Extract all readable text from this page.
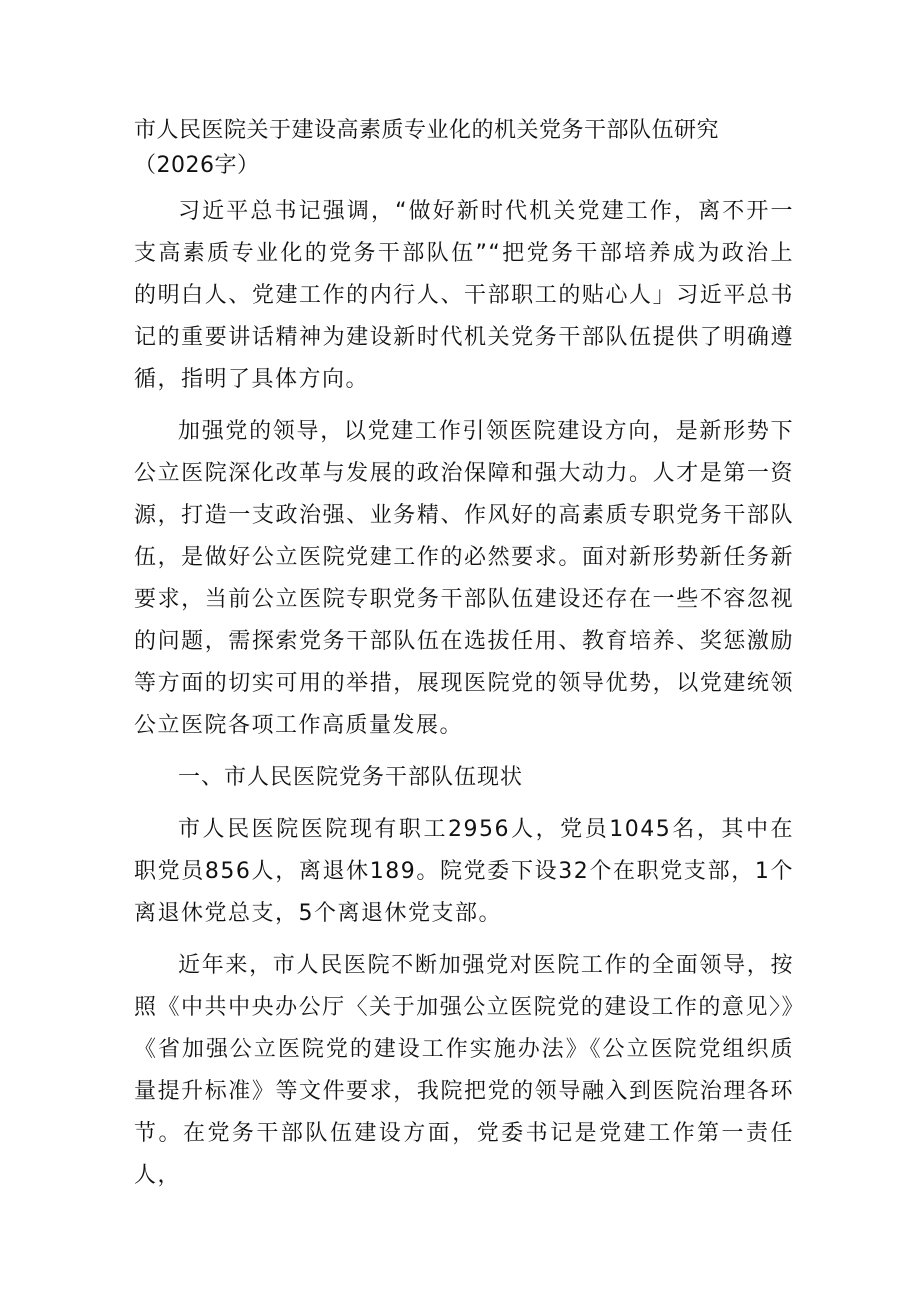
市人民医院关于建设高素质专业化的机关党务干部队伍研究（2026字）

习近平总书记强调，“做好新时代机关党建工作，离不开一支高素质专业化的党务干部队伍”“把党务干部培养成为政治上的明白人、党建工作的内行人、干部职工的贴心人」习近平总书记的重要讲话精神为建设新时代机关党务干部队伍提供了明确遵循，指明了具体方向。

加强党的领导，以党建工作引领医院建设方向，是新形势下公立医院深化改革与发展的政治保障和强大动力。人才是第一资源，打造一支政治强、业务精、作风好的高素质专职党务干部队伍，是做好公立医院党建工作的必然要求。面对新形势新任务新要求，当前公立医院专职党务干部队伍建设还存在一些不容忽视的问题，需探索党务干部队伍在选拔任用、教育培养、奖惩激励等方面的切实可用的举措，展现医院党的领导优势，以党建统领公立医院各项工作高质量发展。

一、市人民医院党务干部队伍现状

市人民医院医院现有职工2956人，党员1045名，其中在职党员856人，离退休189。院党委下设32个在职党支部，1个离退休党总支，5个离退休党支部。

近年来，市人民医院不断加强党对医院工作的全面领导，按照《中共中央办公厅〈关于加强公立医院党的建设工作的意见〉》《省加强公立医院党的建设工作实施办法》《公立医院党组织质量提升标准》等文件要求，我院把党的领导融入到医院治理各环节。在党务干部队伍建设方面，党委书记是党建工作第一责任人，
